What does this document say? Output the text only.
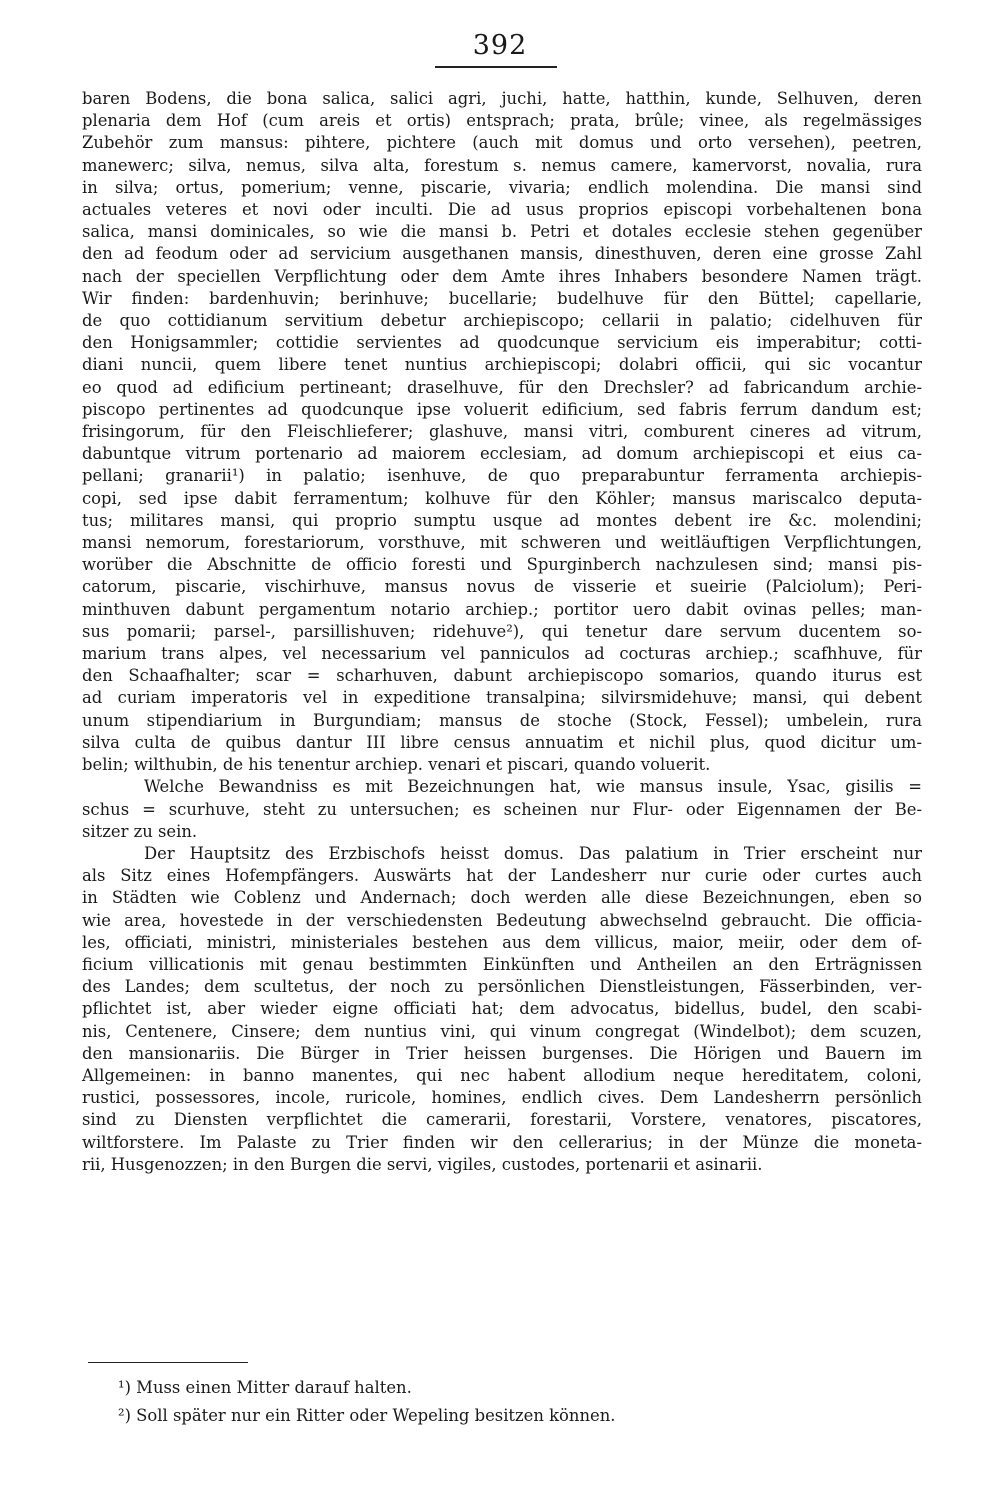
392

baren Bodens, die bona salica, salici agri, juchi, hatte, hatthin, kunde, Selhuven, deren

plenaria dem Hof (cum areis et ortis) entsprach; prata, brûle; vinee, als regelmässiges

Zubehör zum mansus: pihtere, pichtere (auch mit domus und orto versehen), peetren,

manewerc; silva, nemus, silva alta, forestum s. nemus camere, kamervorst, novalia, rura

in silva; ortus, pomerium; venne, piscarie, vivaria; endlich molendina. Die mansi sind

actuales veteres et novi oder inculti. Die ad usus proprios episcopi vorbehaltenen bona

salica, mansi dominicales, so wie die mansi b. Petri et dotales ecclesie stehen gegenüber

den ad feodum oder ad servicium ausgethanen mansis, dinesthuven, deren eine grosse Zahl

nach der speciellen Verpflichtung oder dem Amte ihres Inhabers besondere Namen trägt.

Wir finden: bardenhuvin; berinhuve; bucellarie; budelhuve für den Büttel; capellarie,

de quo cottidianum servitium debetur archiepiscopo; cellarii in palatio; cidelhuven für

den Honigsammler; cottidie servientes ad quodcunque servicium eis imperabitur; cotti-

diani nuncii, quem libere tenet nuntius archiepiscopi; dolabri officii, qui sic vocantur

eo quod ad edificium pertineant; draselhuve, für den Drechsler? ad fabricandum archie-

piscopo pertinentes ad quodcunque ipse voluerit edificium, sed fabris ferrum dandum est;

frisingorum, für den Fleischlieferer; glashuve, mansi vitri, comburent cineres ad vitrum,

dabuntque vitrum portenario ad maiorem ecclesiam, ad domum archiepiscopi et eius ca-

pellani; granarii¹) in palatio; isenhuve, de quo preparabuntur ferramenta archiepis-

copi, sed ipse dabit ferramentum; kolhuve für den Köhler; mansus mariscalco deputa-

tus; militares mansi, qui proprio sumptu usque ad montes debent ire &c. molendini;

mansi nemorum, forestariorum, vorsthuve, mit schweren und weitläuftigen Verpflichtungen,

worüber die Abschnitte de officio foresti und Spurginberch nachzulesen sind; mansi pis-

catorum, piscarie, vischirhuve, mansus novus de visserie et sueirie (Palciolum); Peri-

minthuven dabunt pergamentum notario archiep.; portitor uero dabit ovinas pelles; man-

sus pomarii; parsel-, parsillishuven; ridehuve²), qui tenetur dare servum ducentem so-

marium trans alpes, vel necessarium vel panniculos ad cocturas archiep.; scafhhuve, für

den Schaafhalter; scar = scharhuven, dabunt archiepiscopo somarios, quando iturus est

ad curiam imperatoris vel in expeditione transalpina; silvirsmidehuve; mansi, qui debent

unum stipendiarium in Burgundiam; mansus de stoche (Stock, Fessel); umbelein, rura

silva culta de quibus dantur III libre census annuatim et nichil plus, quod dicitur um-

belin; wilthubin, de his tenentur archiep. venari et piscari, quando voluerit.

Welche Bewandniss es mit Bezeichnungen hat, wie mansus insule, Ysac, gisilis =

schus = scurhuve, steht zu untersuchen; es scheinen nur Flur- oder Eigennamen der Be-

sitzer zu sein.

Der Hauptsitz des Erzbischofs heisst domus. Das palatium in Trier erscheint nur

als Sitz eines Hofempfängers. Auswärts hat der Landesherr nur curie oder curtes auch

in Städten wie Coblenz und Andernach; doch werden alle diese Bezeichnungen, eben so

wie area, hovestede in der verschiedensten Bedeutung abwechselnd gebraucht. Die officia-

les, officiati, ministri, ministeriales bestehen aus dem villicus, maior, meiir, oder dem of-

ficium villicationis mit genau bestimmten Einkünften und Antheilen an den Erträgnissen

des Landes; dem scultetus, der noch zu persönlichen Dienstleistungen, Fässerbinden, ver-

pflichtet ist, aber wieder eigne officiati hat; dem advocatus, bidellus, budel, den scabi-

nis, Centenere, Cinsere; dem nuntius vini, qui vinum congregat (Windelbot); dem scuzen,

den mansionariis. Die Bürger in Trier heissen burgenses. Die Hörigen und Bauern im

Allgemeinen: in banno manentes, qui nec habent allodium neque hereditatem, coloni,

rustici, possessores, incole, ruricole, homines, endlich cives. Dem Landesherrn persönlich

sind zu Diensten verpflichtet die camerarii, forestarii, Vorstere, venatores, piscatores,

wiltforstere. Im Palaste zu Trier finden wir den cellerarius; in der Münze die moneta-

rii, Husgenozzen; in den Burgen die servi, vigiles, custodes, portenarii et asinarii.

¹) Muss einen Mitter darauf halten.
²) Soll später nur ein Ritter oder Wepeling besitzen können.
